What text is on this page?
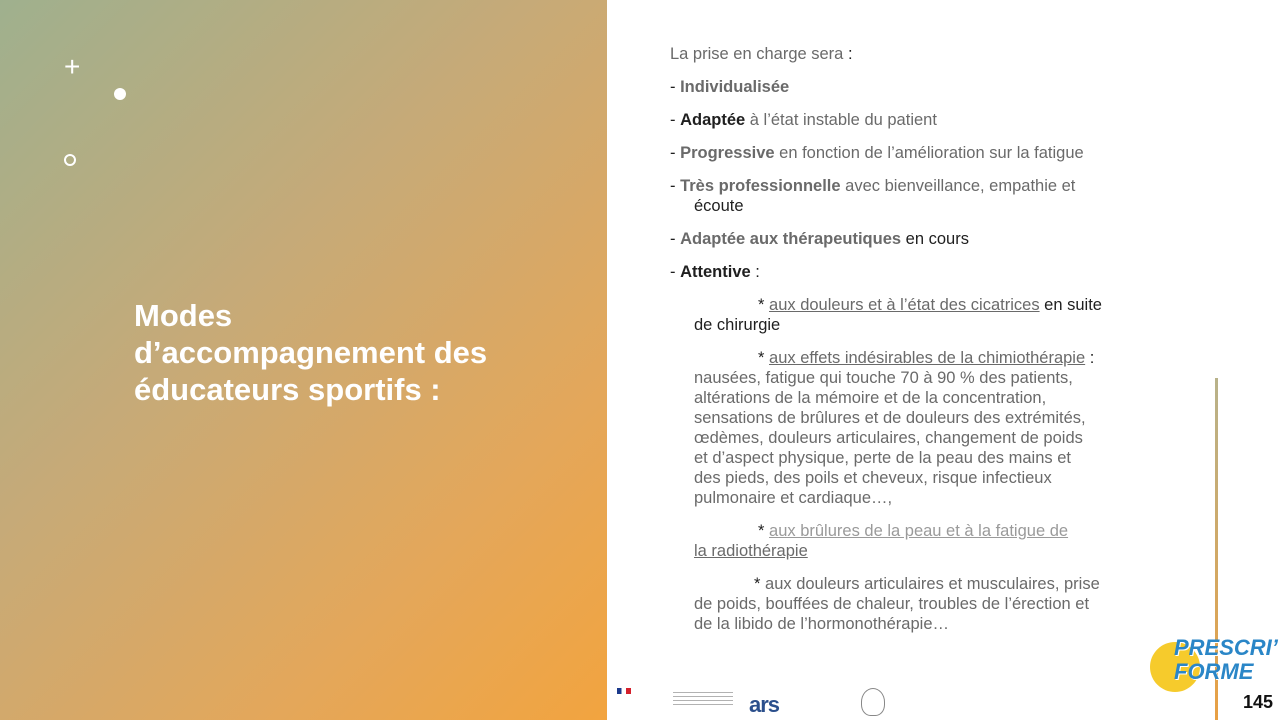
+
Modes
d’accompagnement des
éducateurs sportifs :
La prise en charge sera :
- Individualisée
- Adaptée à l’état instable du patient
- Progressive en fonction de l’amélioration sur la fatigue
- Très professionnelle avec bienveillance, empathie et
écoute
- Adaptée aux thérapeutiques en cours
- Attentive :
* aux douleurs et à l’état des cicatrices en suite
de chirurgie
* aux effets indésirables de la chimiothérapie :
nausées, fatigue qui touche 70 à 90 % des patients,
altérations de la mémoire et de la concentration,
sensations de brûlures et de douleurs des extrémités,
œdèmes, douleurs articulaires, changement de poids
et d’aspect physique, perte de la peau des mains et
des pieds, des poils et cheveux, risque infectieux
pulmonaire et cardiaque…,
* aux brûlures de la peau et à la fatigue de
la radiothérapie
* aux douleurs articulaires et musculaires, prise
de poids, bouffées de chaleur, troubles de l’érection et
de la libido de l’hormonothérapie…
ars
PRESCRI’
FORME
145
